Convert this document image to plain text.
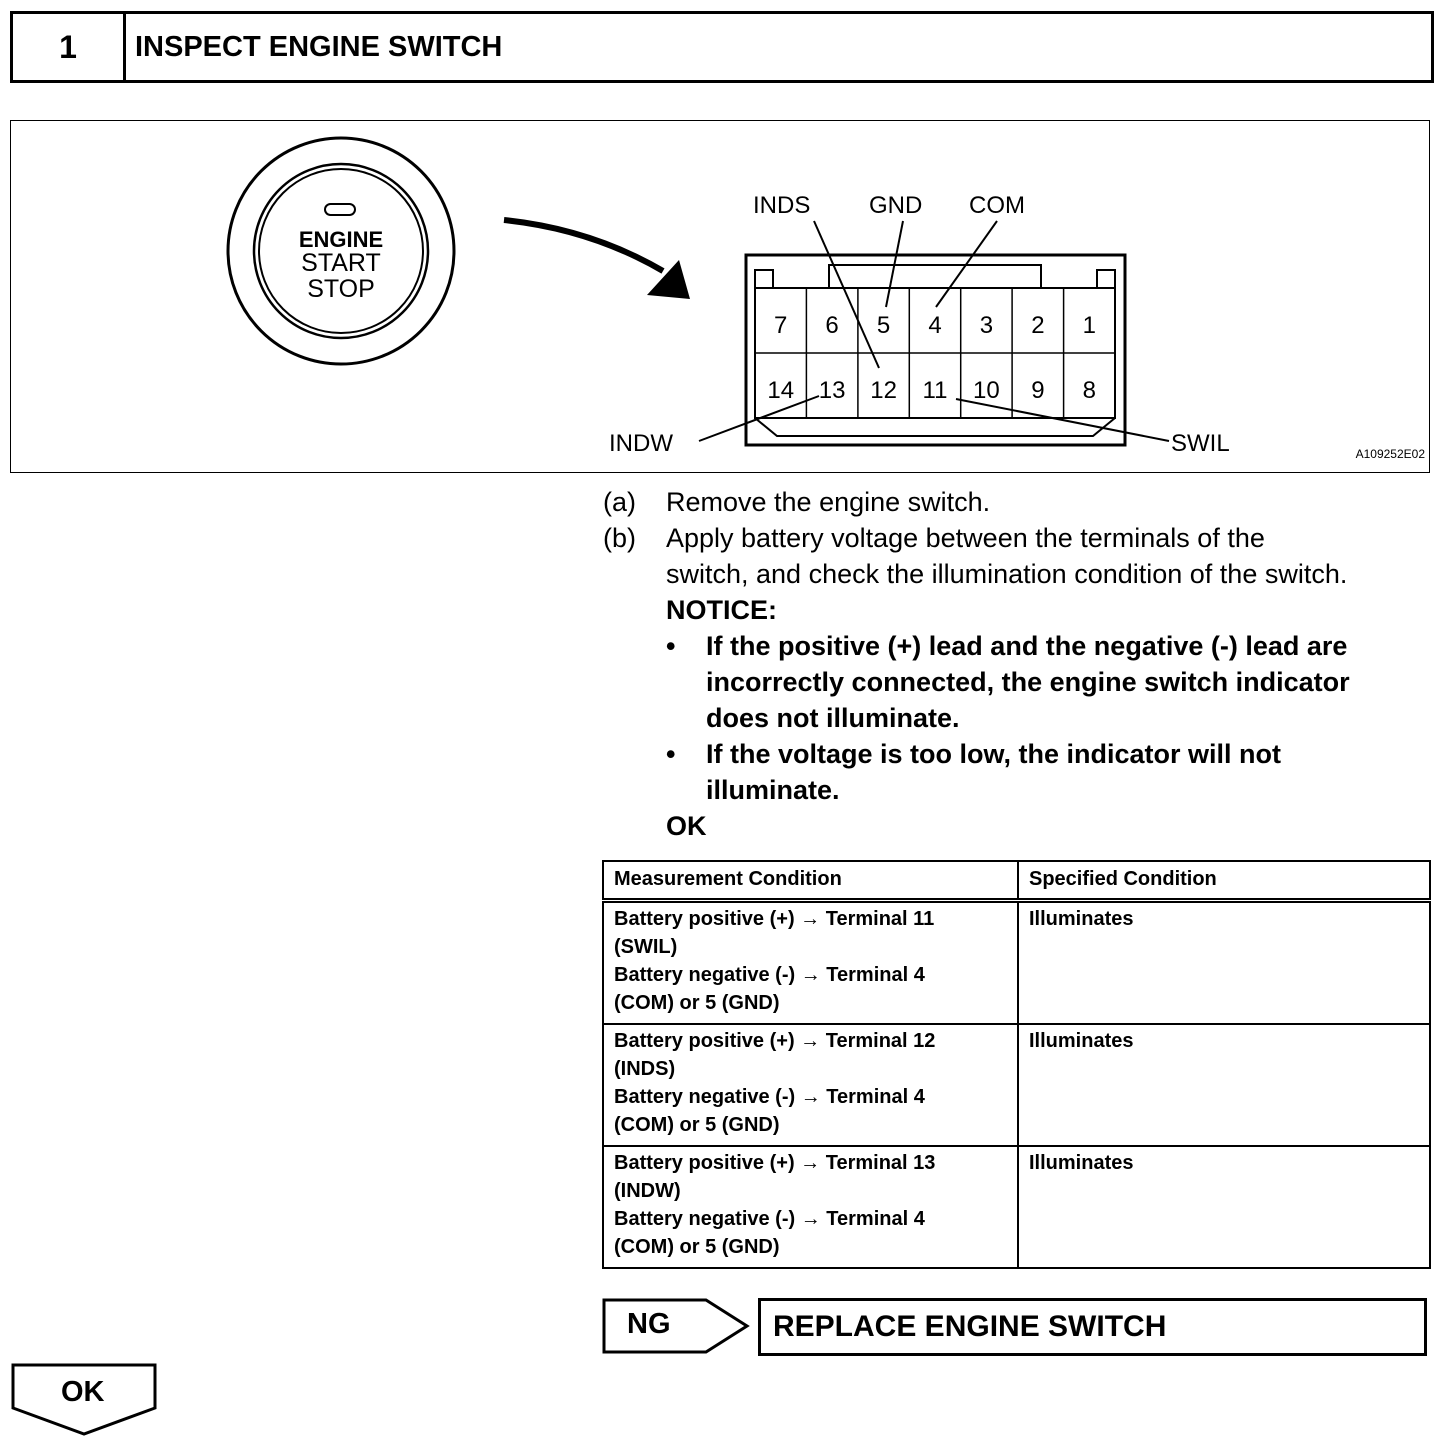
1	INSPECT ENGINE SWITCH
ENGINE
START
STOP
7 6 5 4 3 2 1
14 13 12 11 10 9 8
INDS GND COM
INDW	SWIL	A109252E02
(a)	Remove the engine switch.
(b)	Apply battery voltage between the terminals of the
switch, and check the illumination condition of the switch.
NOTICE:
•	If the positive (+) lead and the negative (-) lead are
incorrectly connected, the engine switch indicator
does not illuminate.
•	If the voltage is too low, the indicator will not
illuminate.
OK
Measurement Condition	Specified Condition

Battery positive (+) → Terminal 11
(SWIL)
Battery negative (-) → Terminal 4
(COM) or 5 (GND)	Illuminates

Battery positive (+) → Terminal 12
(INDS)
Battery negative (-) → Terminal 4
(COM) or 5 (GND)	Illuminates

Battery positive (+) → Terminal 13
(INDW)
Battery negative (-) → Terminal 4
(COM) or 5 (GND)	Illuminates
NG	REPLACE ENGINE SWITCH
OK
